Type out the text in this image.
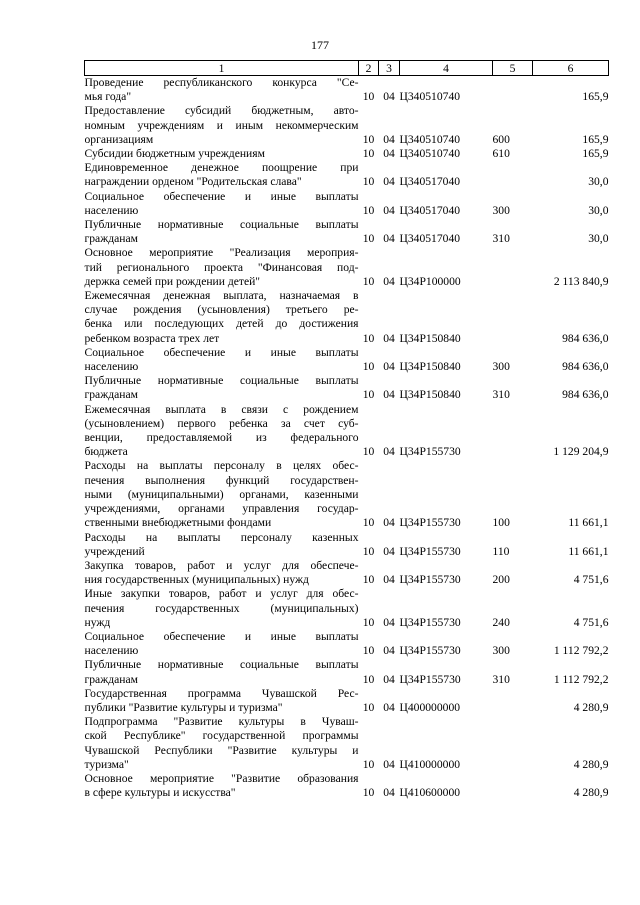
177
1	2	3	4	5	6

Проведение республиканского конкурса "Се-
мья года"	10	04	Ц340510740		165,9

Предоставление субсидий бюджетным, авто-
номным учреждениям и иным некоммерческим
организациям	10	04	Ц340510740	600	165,9

Субсидии бюджетным учреждениям	10	04	Ц340510740	610	165,9

Единовременное денежное поощрение при
награждении орденом "Родительская слава"	10	04	Ц340517040		30,0

Социальное обеспечение и иные выплаты
населению	10	04	Ц340517040	300	30,0

Публичные нормативные социальные выплаты
гражданам	10	04	Ц340517040	310	30,0

Основное мероприятие "Реализация мероприя-
тий регионального проекта "Финансовая под-
держка семей при рождении детей"	10	04	Ц34Р100000		2 113 840,9

Ежемесячная денежная выплата, назначаемая в
случае рождения (усыновления) третьего ре-
бенка или последующих детей до достижения
ребенком возраста трех лет	10	04	Ц34Р150840		984 636,0

Социальное обеспечение и иные выплаты
населению	10	04	Ц34Р150840	300	984 636,0

Публичные нормативные социальные выплаты
гражданам	10	04	Ц34Р150840	310	984 636,0

Ежемесячная выплата в связи с рождением
(усыновлением) первого ребенка за счет суб-
венции, предоставляемой из федерального
бюджета	10	04	Ц34Р155730		1 129 204,9

Расходы на выплаты персоналу в целях обес-
печения выполнения функций государствен-
ными (муниципальными) органами, казенными
учреждениями, органами управления государ-
ственными внебюджетными фондами	10	04	Ц34Р155730	100	11 661,1

Расходы на выплаты персоналу казенных
учреждений	10	04	Ц34Р155730	110	11 661,1

Закупка товаров, работ и услуг для обеспече-
ния государственных (муниципальных) нужд	10	04	Ц34Р155730	200	4 751,6

Иные закупки товаров, работ и услуг для обес-
печения государственных (муниципальных)
нужд	10	04	Ц34Р155730	240	4 751,6

Социальное обеспечение и иные выплаты
населению	10	04	Ц34Р155730	300	1 112 792,2

Публичные нормативные социальные выплаты
гражданам	10	04	Ц34Р155730	310	1 112 792,2

Государственная программа Чувашской Рес-
публики "Развитие культуры и туризма"	10	04	Ц400000000		4 280,9

Подпрограмма "Развитие культуры в Чуваш-
ской Республике" государственной программы
Чувашской Республики "Развитие культуры и
туризма"	10	04	Ц410000000		4 280,9

Основное мероприятие "Развитие образования
в сфере культуры и искусства"	10	04	Ц410600000		4 280,9
